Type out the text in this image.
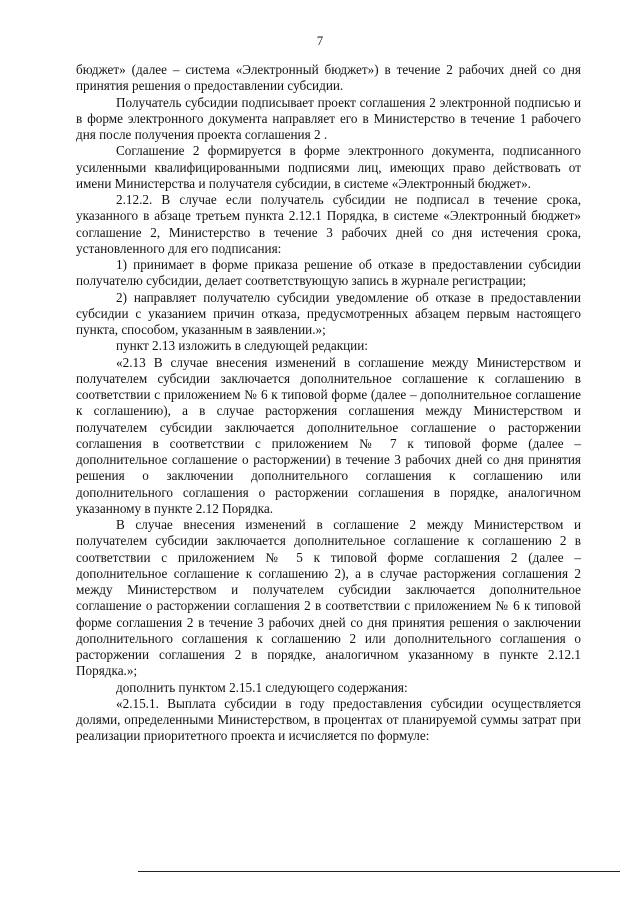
7

бюджет» (далее – система «Электронный бюджет») в течение 2 рабочих дней со дня принятия решения о предоставлении субсидии.

Получатель субсидии подписывает проект соглашения 2 электронной подписью и в форме электронного документа направляет его в Министерство в течение 1 рабочего дня после получения проекта соглашения 2 .

Соглашение 2 формируется в форме электронного документа, подписанного усиленными квалифицированными подписями лиц, имеющих право действовать от имени Министерства и получателя субсидии, в системе «Электронный бюджет».

2.12.2. В случае если получатель субсидии не подписал в течение срока, указанного в абзаце третьем пункта 2.12.1 Порядка, в системе «Электронный бюджет» соглашение 2, Министерство в течение 3 рабочих дней со дня истечения срока, установленного для его подписания:

1) принимает в форме приказа решение об отказе в предоставлении субсидии получателю субсидии, делает соответствующую запись в журнале регистрации;

2) направляет получателю субсидии уведомление об отказе в предоставлении субсидии с указанием причин отказа, предусмотренных абзацем первым настоящего пункта, способом, указанным в заявлении.»;

пункт 2.13 изложить в следующей редакции:

«2.13 В случае внесения изменений в соглашение между Министерством и получателем субсидии заключается дополнительное соглашение к соглашению в соответствии с приложением № 6 к типовой форме (далее – дополнительное соглашение к соглашению), а в случае расторжения соглашения между Министерством и получателем субсидии заключается дополнительное соглашение о расторжении соглашения в соответствии с приложением № 7 к типовой форме (далее – дополнительное соглашение о расторжении) в течение 3 рабочих дней со дня принятия решения о заключении дополнительного соглашения к соглашению или дополнительного соглашения о расторжении соглашения в порядке, аналогичном указанному в пункте 2.12 Порядка.

В случае внесения изменений в соглашение 2 между Министерством и получателем субсидии заключается дополнительное соглашение к соглашению 2 в соответствии с приложением № 5 к типовой форме соглашения 2 (далее – дополнительное соглашение к соглашению 2), а в случае расторжения соглашения 2 между Министерством и получателем субсидии заключается дополнительное соглашение о расторжении соглашения 2 в соответствии с приложением № 6 к типовой форме соглашения 2 в течение 3 рабочих дней со дня принятия решения о заключении дополнительного соглашения к соглашению 2 или дополнительного соглашения о расторжении соглашения 2 в порядке, аналогичном указанному в пункте 2.12.1 Порядка.»;

дополнить пунктом 2.15.1 следующего содержания:

«2.15.1. Выплата субсидии в году предоставления субсидии осуществляется долями, определенными Министерством, в процентах от планируемой суммы затрат при реализации приоритетного проекта и исчисляется по формуле:
